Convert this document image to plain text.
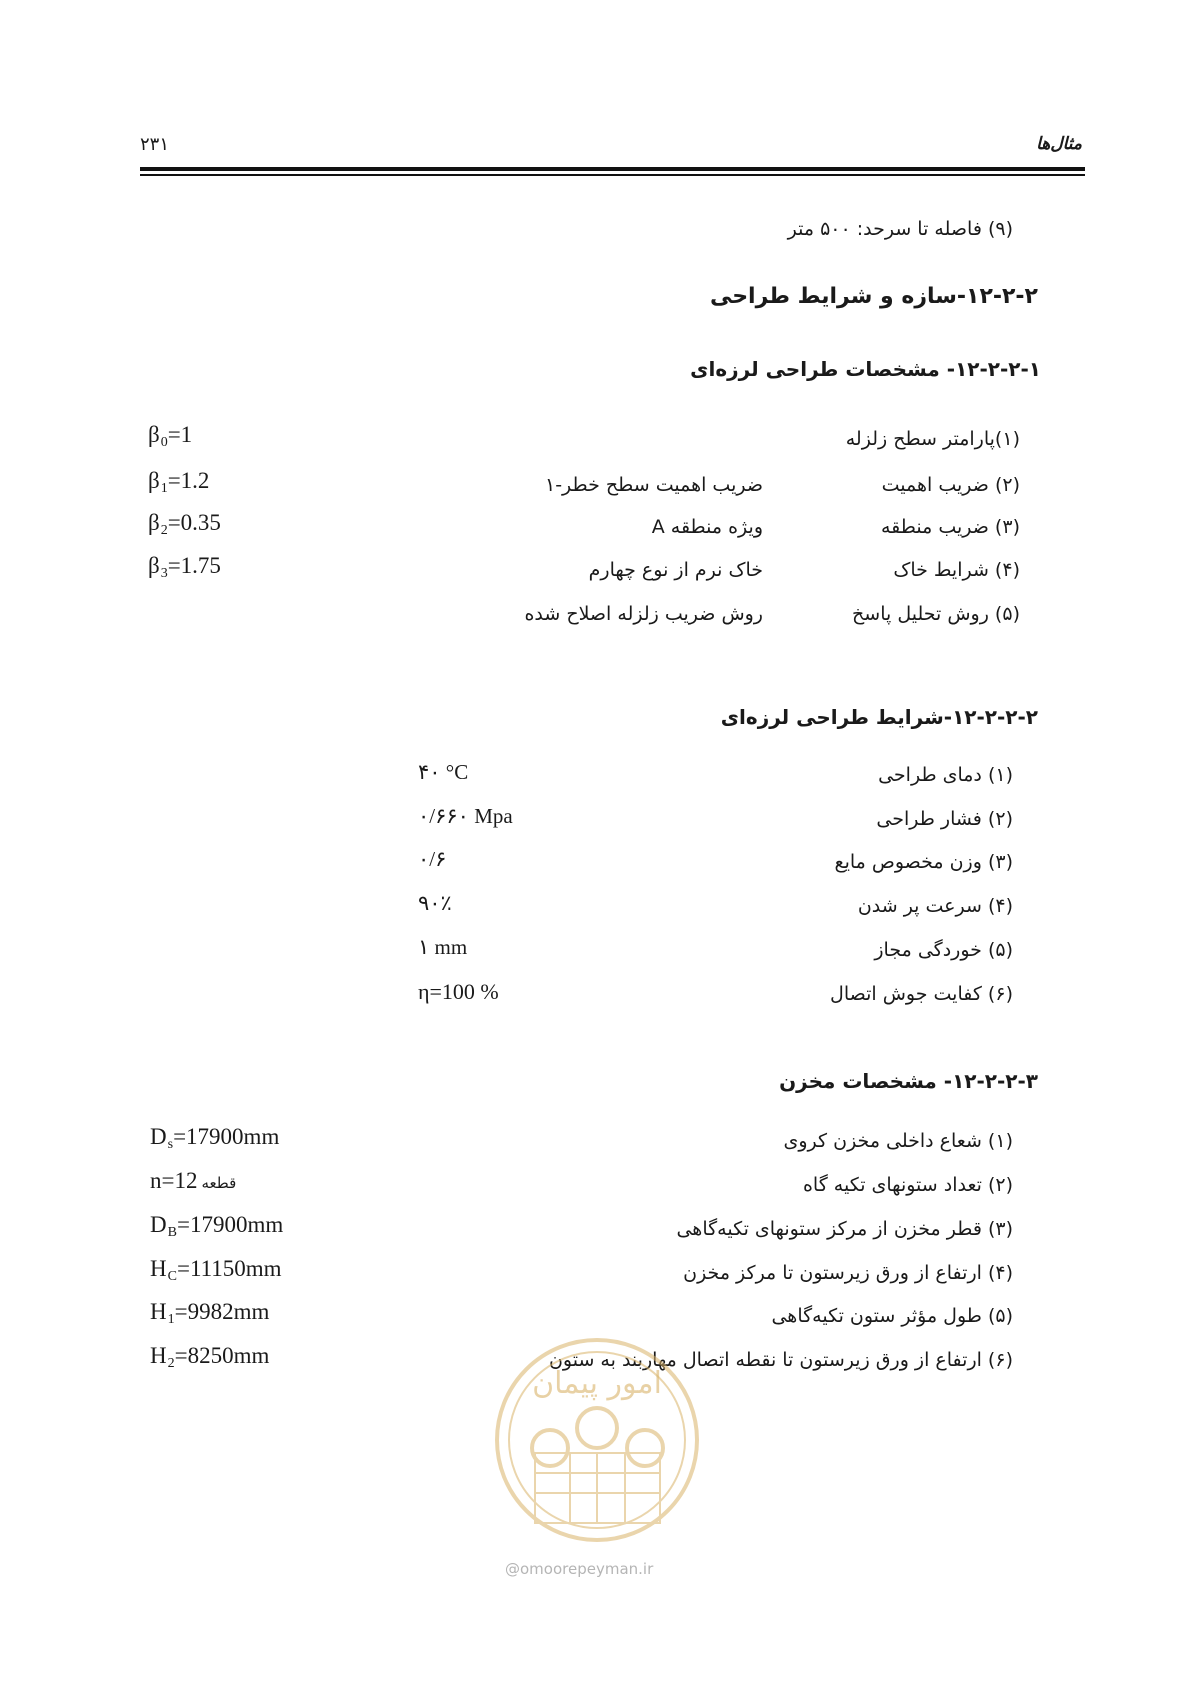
۲۳۱	مثال‌ها
(۹) فاصله تا سرحد: ۵۰۰ متر
۱۲-۲-۲-سازه و شرایط طراحی
۱۲-۲-۲-۱- مشخصات طراحی لرزه‌ای
(۱)پارامتر سطح زلزله
$\beta_0=1$
(۲) ضریب اهمیت
ضریب اهمیت سطح خطر-۱
$\beta_1=1.2$
(۳) ضریب منطقه
ویژه منطقه A
$\beta_2=0.35$
(۴) شرایط خاک
خاک نرم از نوع چهارم
$\beta_3=1.75$
(۵) روش تحلیل پاسخ
روش ضریب زلزله اصلاح شده
۱۲-۲-۲-۲-شرایط طراحی لرزه‌ای
(۱) دمای طراحی
۴۰ °C
(۲) فشار طراحی
۰/۶۶۰ Mpa
(۳) وزن مخصوص مایع
۰/۶
(۴) سرعت پر شدن
۹۰٪
(۵) خوردگی مجاز
۱ mm
(۶) کفایت جوش اتصال
η=100 %
۱۲-۲-۲-۳- مشخصات مخزن
(۱) شعاع داخلی مخزن کروی
$D_s=17900mm$
(۲) تعداد ستونهای تکیه گاه
n=12 قطعه
(۳) قطر مخزن از مرکز ستونهای تکیه‌گاهی
$D_B=17900mm$
(۴) ارتفاع از ورق زیرستون تا مرکز مخزن
$H_C=11150mm$
(۵) طول مؤثر ستون تکیه‌گاهی
$H_1=9982mm$
(۶) ارتفاع از ورق زیرستون تا نقطه اتصال مهاربند به ستون
$H_2=8250mm$
امور پیمان
@omoorepeyman.ir
